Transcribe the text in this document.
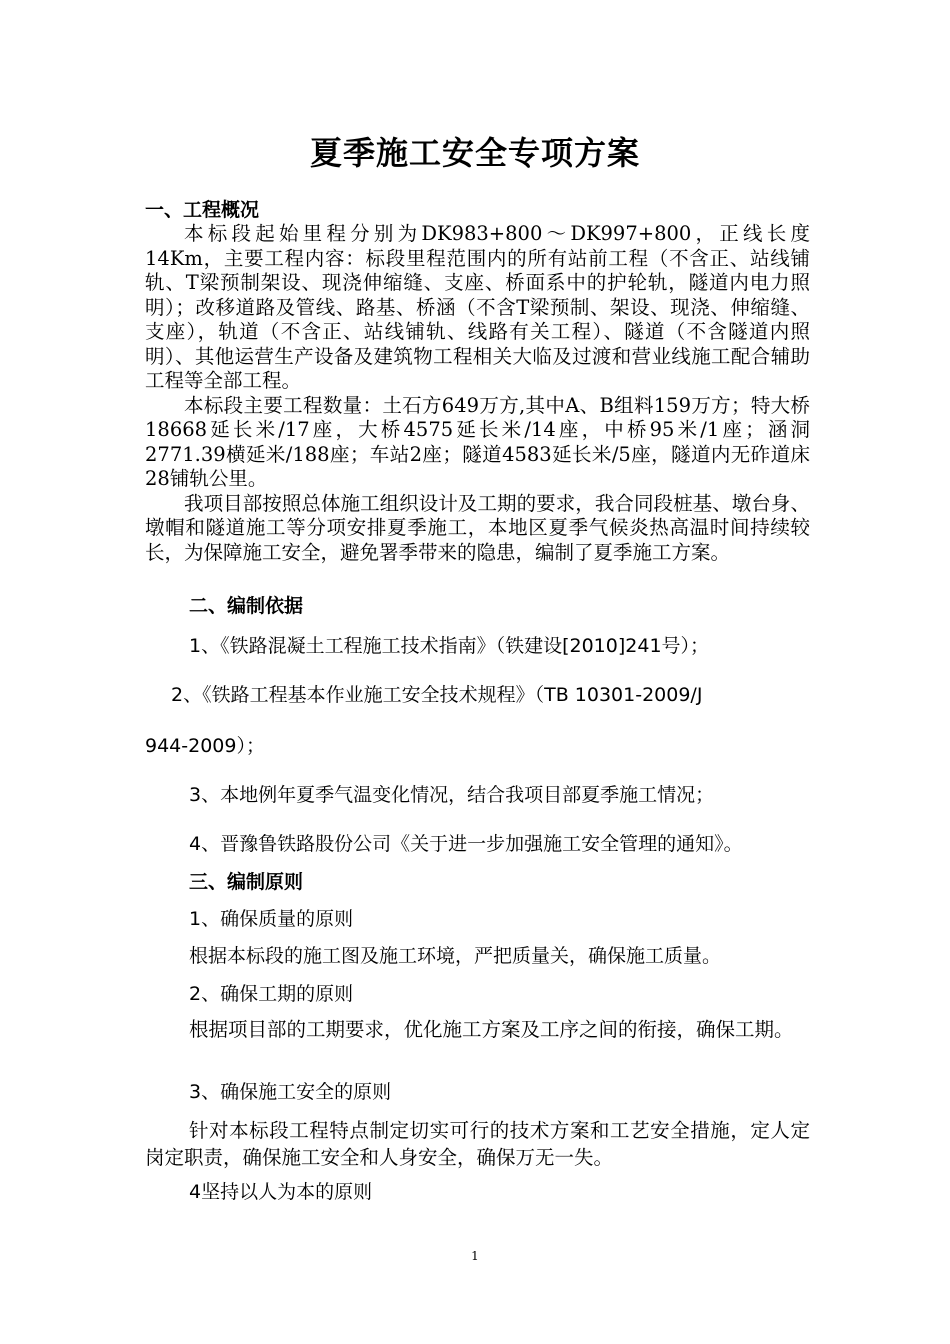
夏季施工安全专项方案

一、工程概况

本标段起始里程分别为DK983+800～DK997+800，正线长度14Km，主要工程内容：标段里程范围内的所有站前工程（不含正、站线铺轨、T梁预制架设、现浇伸缩缝、支座、桥面系中的护轮轨，隧道内电力照明）；改移道路及管线、路基、桥涵（不含T梁预制、架设、现浇、伸缩缝、支座），轨道（不含正、站线铺轨、线路有关工程）、隧道（不含隧道内照明）、其他运营生产设备及建筑物工程相关大临及过渡和营业线施工配合辅助工程等全部工程。

本标段主要工程数量：土石方649万方,其中A、B组料159万方；特大桥18668延长米/17座，大桥4575延长米/14座，中桥95米/1座；涵洞2771.39横延米/188座；车站2座；隧道4583延长米/5座，隧道内无砟道床28铺轨公里。

我项目部按照总体施工组织设计及工期的要求，我合同段桩基、墩台身、墩帽和隧道施工等分项安排夏季施工，本地区夏季气候炎热高温时间持续较长，为保障施工安全，避免署季带来的隐患，编制了夏季施工方案。

二、编制依据

1、《铁路混凝土工程施工技术指南》（铁建设[2010]241号）；

2、《铁路工程基本作业施工安全技术规程》（TB 10301-2009/J

944-2009）；

3、本地例年夏季气温变化情况，结合我项目部夏季施工情况；

4、晋豫鲁铁路股份公司《关于进一步加强施工安全管理的通知》。

三、编制原则

1、确保质量的原则

根据本标段的施工图及施工环境，严把质量关，确保施工质量。

2、确保工期的原则

根据项目部的工期要求，优化施工方案及工序之间的衔接，确保工期。

3、确保施工安全的原则

针对本标段工程特点制定切实可行的技术方案和工艺安全措施，定人定岗定职责，确保施工安全和人身安全，确保万无一失。

4坚持以人为本的原则

1
